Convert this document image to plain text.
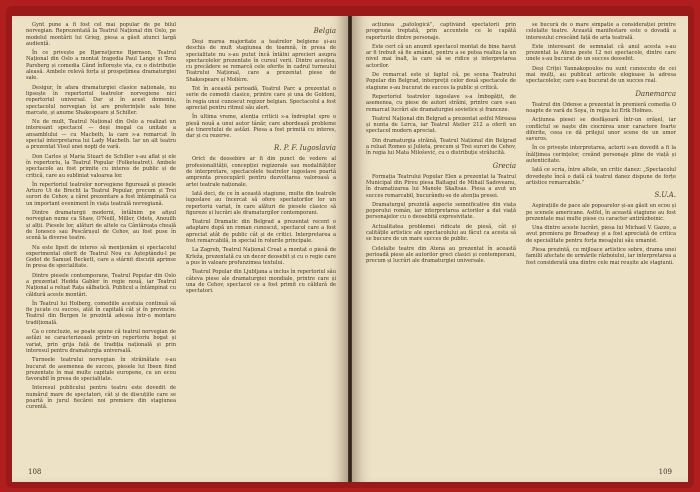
Gynt pune a fi fost cel mai popular de pe bilul norvegian. Reprezentată la Teatrul Național din Oslo, pe modelul montării lui Grieg, piesa a găsit atunci largă audiență.

În ce privește pe Bjørnstjerne Bjørnson, Teatrul Național din Oslo a montat tragedia Paul Lange și Tora Parsberg și comedia Când înflorește via, cu o distribuție aleasă. Ambele relevă forța și prospețimea dramaturgiei sale.

Desigur, în afara dramaturgiei clasice naționale, nu lipsește în repertoriul teatrelor norvegiene nici repertoriul universal. Dar și în acest domeniu, spectacolul norvegian își are preferințele sale bine marcate, și anume Shakespeare și Schiller.

Nu de mult, Teatrul Național din Oslo a realizat un interesant spectacol — deși inegal ca unitate a ansamblului — cu Macbeth, la care s-a remarcat în special interpretarea lui Lady Macbeth. Iar un alt teatru a prezentat Visul unei nopți de vară.

Don Carlos și Maria Stuart de Schiller s-au aflat și ele în repertoriu, la Teatrul Popular (Folketeatret). Ambele spectacole au fost primite cu interes de public și de critică, care au subliniat valoarea lor.

În repertoriul teatrelor norvegiene figurează și piesele Arturo Ui de Brecht la Teatrul Popular, precum și Trei surori de Cehov, a cărei prezentare a fost întâmpinată ca un important eveniment în viața teatrală norvegiană.

Dintre dramaturgii moderni, întâlnim pe afișul norvegian nume ca Shaw, O'Neill, Miller, Odets, Anouilh și alții. Piesele lor, alături de altele ca Cântăreața cheală de Ionesco sau Pescărușul de Cehov, au fost puse în scenă la diverse teatre.

Nu este lipsit de interes să menționăm și spectacolul experimental oferit de Teatrul Nou cu Așteptându-l pe Godot de Samuel Beckett, care a stârnit discuții aprinse în presa de specialitate.

Dintre piesele contemporane, Teatrul Popular din Oslo a prezentat Hedda Gabler în regie nouă, iar Teatrul Național a reluat Rața sălbatică. Publicul a întâmpinat cu căldură aceste montări.

În Teatrul lui Holberg, comediile acestuia continuă să fie jucate cu succes, atât în capitală cât și în provincie. Teatrul din Bergen le prezintă adesea într-o montare tradițională.

Ca o concluzie, se poate spune că teatrul norvegian de astăzi se caracterizează printr-un repertoriu bogat și variat, prin grija față de tradiția națională și prin interesul pentru dramaturgia universală.

Turneele teatrului norvegian în străinătate s-au bucurat de asemenea de succes, piesele lui Ibsen fiind prezentate în mai multe capitale europene, cu un ecou favorabil în presa de specialitate.

Interesul publicului pentru teatru este dovedit de numărul mare de spectatori, cât și de discuțiile care se poartă în jurul fiecărei noi premiere din stagiunea curentă.

Belgia

Deși marea majoritate a teatrelor belgiene și-au deschis de mult stagiunea de toamnă, în presa de specialitate nu s-au putut încă întâlni aprecieri asupra spectacolelor prezentate în cursul verii. Dintre acestea, cu precădere se remarcă cele oferite în cadrul turneului Teatrului Național, care a prezentat piese de Shakespeare și Molière.

Tot în această perioadă, Teatrul Parc a prezentat o serie de comedii clasice, printre care și una de Goldoni, în regia unui cunoscut regizor belgian. Spectacolul a fost apreciat pentru ritmul său alert.

În ultima vreme, atenția criticii s-a îndreptat spre o piesă nouă a unui autor tânăr, care abordează probleme ale tineretului de astăzi. Piesa a fost primită cu interes, dar și cu rezerve.

R. P. F. Iugoslavia

Orict de deosebire ar fi din punct de vedere al profesionalității, concepției regizorale sau modalităților de interpretare, spectacolele teatrelor iugoslave poartă amprenta preocupării pentru dezvoltarea valoroasă a artei teatrale naționale.

Iată deci, de ce în această stagiune, multe din teatrele iugoslave au încercat să ofere spectatorilor lor un repertoriu variat, în care alături de piesele clasice să figureze și lucrări ale dramaturgilor contemporani.

Teatrul Dramatic din Belgrad a prezentat recent o adaptare după un roman cunoscut, spectacol care a fost apreciat atât de public cât și de critici. Interpretarea a fost remarcabilă, în special în rolurile principale.

La Zagreb, Teatrul Național Croat a montat o piesă de Krleža, prezentată cu un decor deosebit și cu o regie care a pus în valoare profunzimea textului.

Teatrul Popular din Ljubljana a inclus în repertoriul său câteva piese ale dramaturgiei mondiale, printre care și una de Cehov, spectacol ce a fost primit cu căldură de spectatori.

108

acțiunea „patologică”, captivând spectatorii prin progresia treptată, prin accentele ce le capătă raporturile dintre personaje.

Este cert că un anumit spectacol montat de bine havut ar fi trebuit să fie amânat, pentru a se putea realiza la un nivel mai înalt, la care să se ridice și interpretarea actorilor.

De remarcat este și faptul că, pe scena Teatrului Popular din Belgrad, interpreții celor două spectacole de stagiune s-au bucurat de succes la public și critică.

Repertoriul teatrelor iugoslave s-a îmbogățit, de asemenea, cu piese de autori străini, printre care s-au remarcat lucrări ale dramaturgiei sovietice și franceze.

Teatrul Național din Belgrad a prezentat astfel Mireasa și nunta de Lorca, iar Teatrul Atelier 212 a oferit un spectacol modern apreciat.

Din dramaturgia străină, Teatrul Național din Belgrad a reluat Romeo și Julieta, precum și Trei surori de Cehov, în regia lui Mata Milošević, cu o distribuție strălucită.

Grecia

Formația Teatrului Popular Elen a prezentat la Teatrul Municipal din Pireu piesa Baltagul de Mihail Sadoveanu, în dramatizarea lui Manole Skaltsas. Piesa a avut un succes remarcabil, bucurându-se de atenția presei.

Dramaturgul prezintă aspecte semnificative din viața poporului român, iar interpretarea actorilor a dat viață personajelor cu o deosebită expresivitate.

Actualitatea problemei ridicate de piesă, cât și calitățile artistice ale spectacolului au făcut ca acesta să se bucure de un mare succes de public.

Celelalte teatre din Atena au prezentat în această perioadă piese ale autorilor greci clasici și contemporani, precum și lucrări ale dramaturgiei universale.

se bucură de o mare simpatie a considerației printre celelalte teatre. Această manifestare este o dovadă a interesului crescând față de arta teatrală.

Este interesant de semnalat că anul acesta s-au prezentat la Atena peste 12 noi spectacole, dintre care unele s-au bucurat de un succes deosebit.

Deși Criței Yannakopoulos nu sunt cunoscute de cei mai mulți, au publicat articole elogioase la adresa spectacolelor, care s-au bucurat de un succes real.

Danemarca

Teatrul din Odense a prezentat în premieră comedia O noapte de vară de Soya, în regia lui Erik Holmes.

Acțiunea piesei se desfășoară într-un orășel, iar conflictul se naște din ciocnirea unor caractere foarte diferite, ceea ce dă prilejul unor scene de un umor savuros.

În ce privește interpretarea, actorii s-au dovedit a fi la înălțimea cerințelor, creând personaje pline de viață și autenticitate.

Iată ce scria, între altele, un critic danez: „Spectacolul dovedește încă o dată că teatrul danez dispune de forțe artistice remarcabile.”

S.U.A.

Aspirațiile de pace ale popoarelor și-au găsit un ecou și pe scenele americane. Astfel, în această stagiune au fost prezentate mai multe piese cu caracter antirăzboinic.

Una dintre aceste lucrări, piesa lui Michael V. Gazzo, a avut premiera pe Broadway și a fost apreciată de critica de specialitate pentru forța mesajului său umanist.

Piesa prezintă, cu mijloace artistice sobre, drama unei familii afectate de urmările războiului, iar interpretarea a fost considerată una dintre cele mai reușite ale stagiunii.

109
